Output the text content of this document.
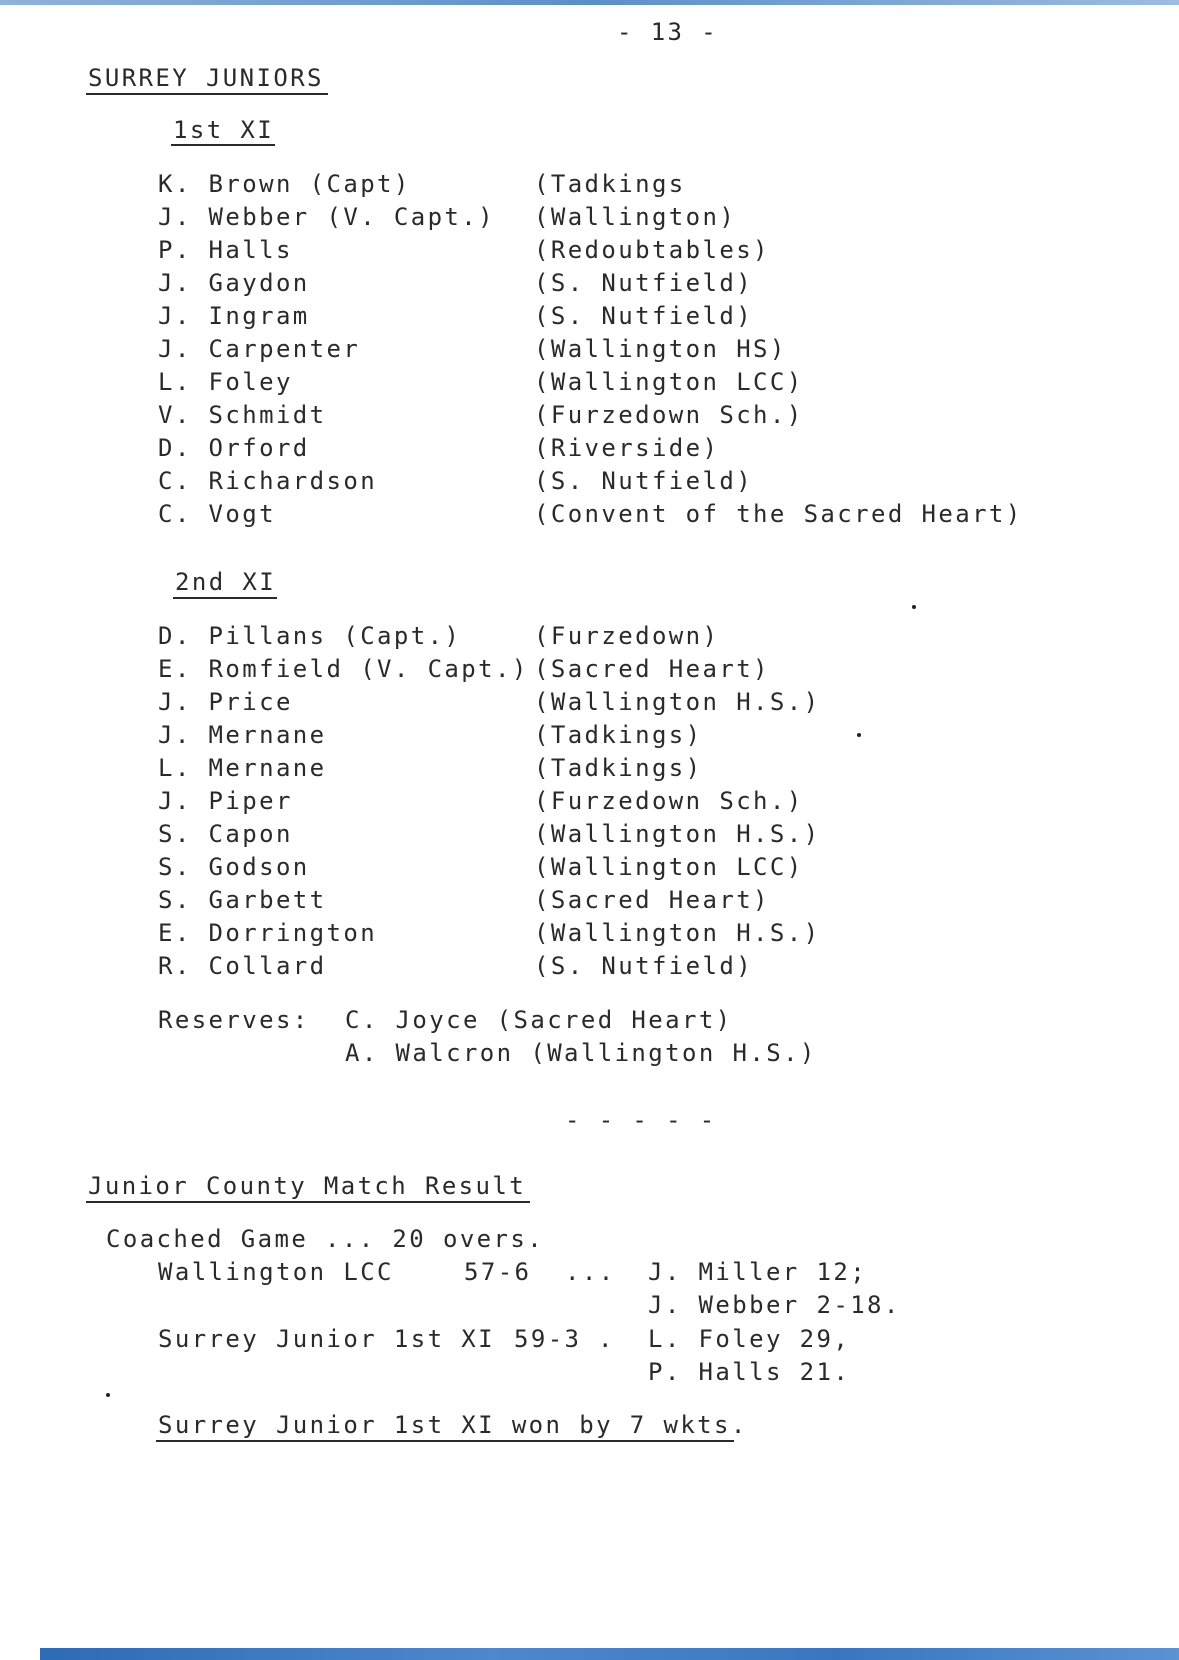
- 13 -
SURREY JUNIORS
1st XI
K. Brown (Capt)	(Tadkings
J. Webber (V. Capt.) (Wallington)
P. Halls	(Redoubtables)
J. Gaydon	(S. Nutfield)
J. Ingram	(S. Nutfield)
J. Carpenter	(Wallington HS)
L. Foley	(Wallington LCC)
V. Schmidt	(Furzedown Sch.)
D. Orford	(Riverside)
C. Richardson	(S. Nutfield)
C. Vogt	(Convent of the Sacred Heart)
2nd XI
D. Pillans (Capt.)	(Furzedown)
E. Romfield (V. Capt.) (Sacred Heart)
J. Price	(Wallington H.S.)
J. Mernane	(Tadkings)
L. Mernane	(Tadkings)
J. Piper	(Furzedown Sch.)
S. Capon	(Wallington H.S.)
S. Godson	(Wallington LCC)
S. Garbett	(Sacred Heart)
E. Dorrington	(Wallington H.S.)
R. Collard	(S. Nutfield)
Reserves: C. Joyce (Sacred Heart)
A. Walcron (Wallington H.S.)
- - - - -
Junior County Match Result
Coached Game ... 20 overs.
Wallington LCC	57-6 ... J. Miller 12;
J. Webber 2-18.
Surrey Junior 1st XI 59-3 . L. Foley 29,
P. Halls 21.
Surrey Junior 1st XI won by 7 wkts.
